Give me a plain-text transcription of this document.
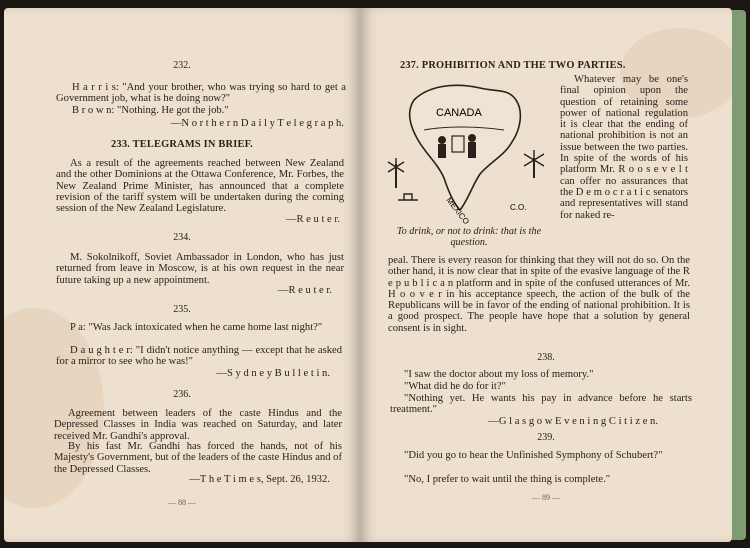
232.

H a r r i s: "And your brother, who was trying so hard to get a Government job, what is he doing now?"

B r o w n: "Nothing. He got the job."

—N o r t h e r n D a i l y T e l e g r a p h.

233. TELEGRAMS IN BRIEF.

As a result of the agreements reached between New Zealand and the other Dominions at the Ottawa Conference, Mr. Forbes, the New Zealand Prime Minister, has announced that a complete revision of the tariff system will be undertaken during the coming session of the New Zealand Legislature.

—R e u t e r.

234.

M. Sokolnikoff, Soviet Ambassador in London, who has just returned from leave in Moscow, is at his own request in the near future taking up a new appointment.

—R e u t e r.

235.

P a: "Was Jack intoxicated when he came home last night?"

D a u g h t e r: "I didn't notice anything — except that he asked for a mirror to see who he was!"

—S y d n e y B u l l e t i n.

236.

Agreement between leaders of the caste Hindus and the Depressed Classes in India was reached on Saturday, and later received Mr. Gandhi's approval.

By his fast Mr. Gandhi has forced the hands, not of his Majesty's Government, but of the leaders of the caste Hindus and of the Depressed Classes.

—T h e T i m e s, Sept. 26, 1932.

— 88 —
237. PROHIBITION AND THE TWO PARTIES.
CANADA
MEXICO	C.O.

To drink, or not to drink: that is the question.

Whatever may be one's final opinion upon the question of retaining some power of national regulation it is clear that the ending of national prohibition is not an issue between the two parties. In spite of the words of his platform Mr. R o o s e v e l t can offer no assurances that the D e m o c r a t i c senators and representatives will stand for naked re-

peal. There is every reason for thinking that they will not do so. On the other hand, it is now clear that in spite of the evasive language of the R e p u b l i c a n platform and in spite of the confused utterances of Mr. H o o v e r in his acceptance speech, the action of the bulk of the Republicans will be in favor of the ending of national prohibition. It is a good prospect. The people have hope that a solution by general consent is in sight.

238.

"I saw the doctor about my loss of memory."

"What did he do for it?"

"Nothing yet. He wants his pay in advance before he starts treatment."

—G l a s g o w E v e n i n g C i t i z e n.

239.

"Did you go to hear the Unfinished Symphony of Schubert?"

"No, I prefer to wait until the thing is complete."

— 89 —
